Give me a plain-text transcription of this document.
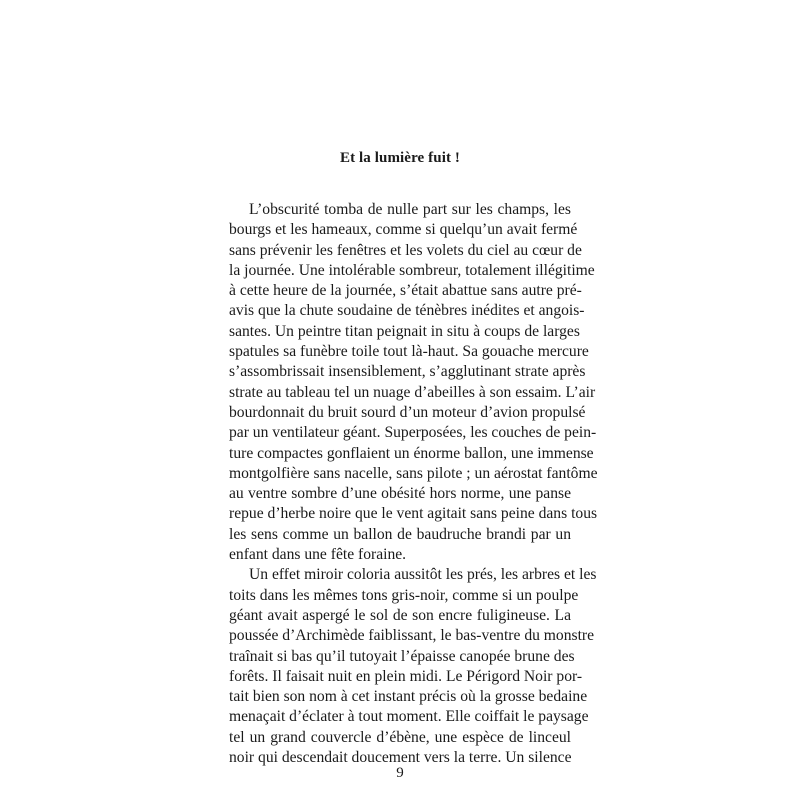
Et la lumière fuit !
L’obscurité tomba de nulle part sur les champs, les
bourgs et les hameaux, comme si quelqu’un avait fermé
sans prévenir les fenêtres et les volets du ciel au cœur de
la journée. Une intolérable sombreur, totalement illégitime
à cette heure de la journée, s’était abattue sans autre pré-
avis que la chute soudaine de ténèbres inédites et angois-
santes. Un peintre titan peignait in situ à coups de larges
spatules sa funèbre toile tout là-haut. Sa gouache mercure
s’assombrissait insensiblement, s’agglutinant strate après
strate au tableau tel un nuage d’abeilles à son essaim. L’air
bourdonnait du bruit sourd d’un moteur d’avion propulsé
par un ventilateur géant. Superposées, les couches de pein-
ture compactes gonflaient un énorme ballon, une immense
montgolfière sans nacelle, sans pilote ; un aérostat fantôme
au ventre sombre d’une obésité hors norme, une panse
repue d’herbe noire que le vent agitait sans peine dans tous
les sens comme un ballon de baudruche brandi par un
enfant dans une fête foraine.
Un effet miroir coloria aussitôt les prés, les arbres et les
toits dans les mêmes tons gris-noir, comme si un poulpe
géant avait aspergé le sol de son encre fuligineuse. La
poussée d’Archimède faiblissant, le bas-ventre du monstre
traînait si bas qu’il tutoyait l’épaisse canopée brune des
forêts. Il faisait nuit en plein midi. Le Périgord Noir por-
tait bien son nom à cet instant précis où la grosse bedaine
menaçait d’éclater à tout moment. Elle coiffait le paysage
tel un grand couvercle d’ébène, une espèce de linceul
noir qui descendait doucement vers la terre. Un silence
9
